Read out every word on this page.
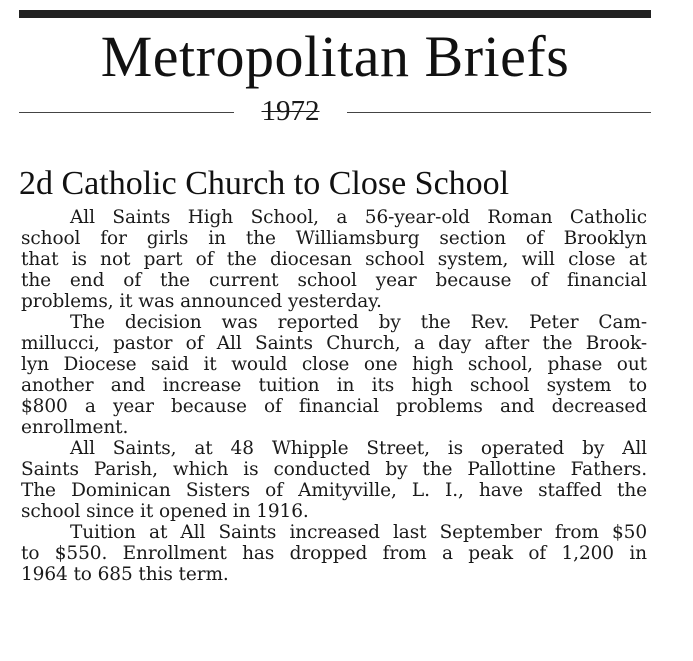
Metropolitan Briefs
1972
2d Catholic Church to Close School
All Saints High School, a 56-year-old Roman Catholic
school for girls in the Williamsburg section of Brooklyn
that is not part of the diocesan school system, will close at
the end of the current school year because of financial
problems, it was announced yesterday.
The decision was reported by the Rev. Peter Cam-
millucci, pastor of All Saints Church, a day after the Brook-
lyn Diocese said it would close one high school, phase out
another and increase tuition in its high school system to
$800 a year because of financial problems and decreased
enrollment.
All Saints, at 48 Whipple Street, is operated by All
Saints Parish, which is conducted by the Pallottine Fathers.
The Dominican Sisters of Amityville, L. I., have staffed the
school since it opened in 1916.
Tuition at All Saints increased last September from $50
to $550. Enrollment has dropped from a peak of 1,200 in
1964 to 685 this term.
